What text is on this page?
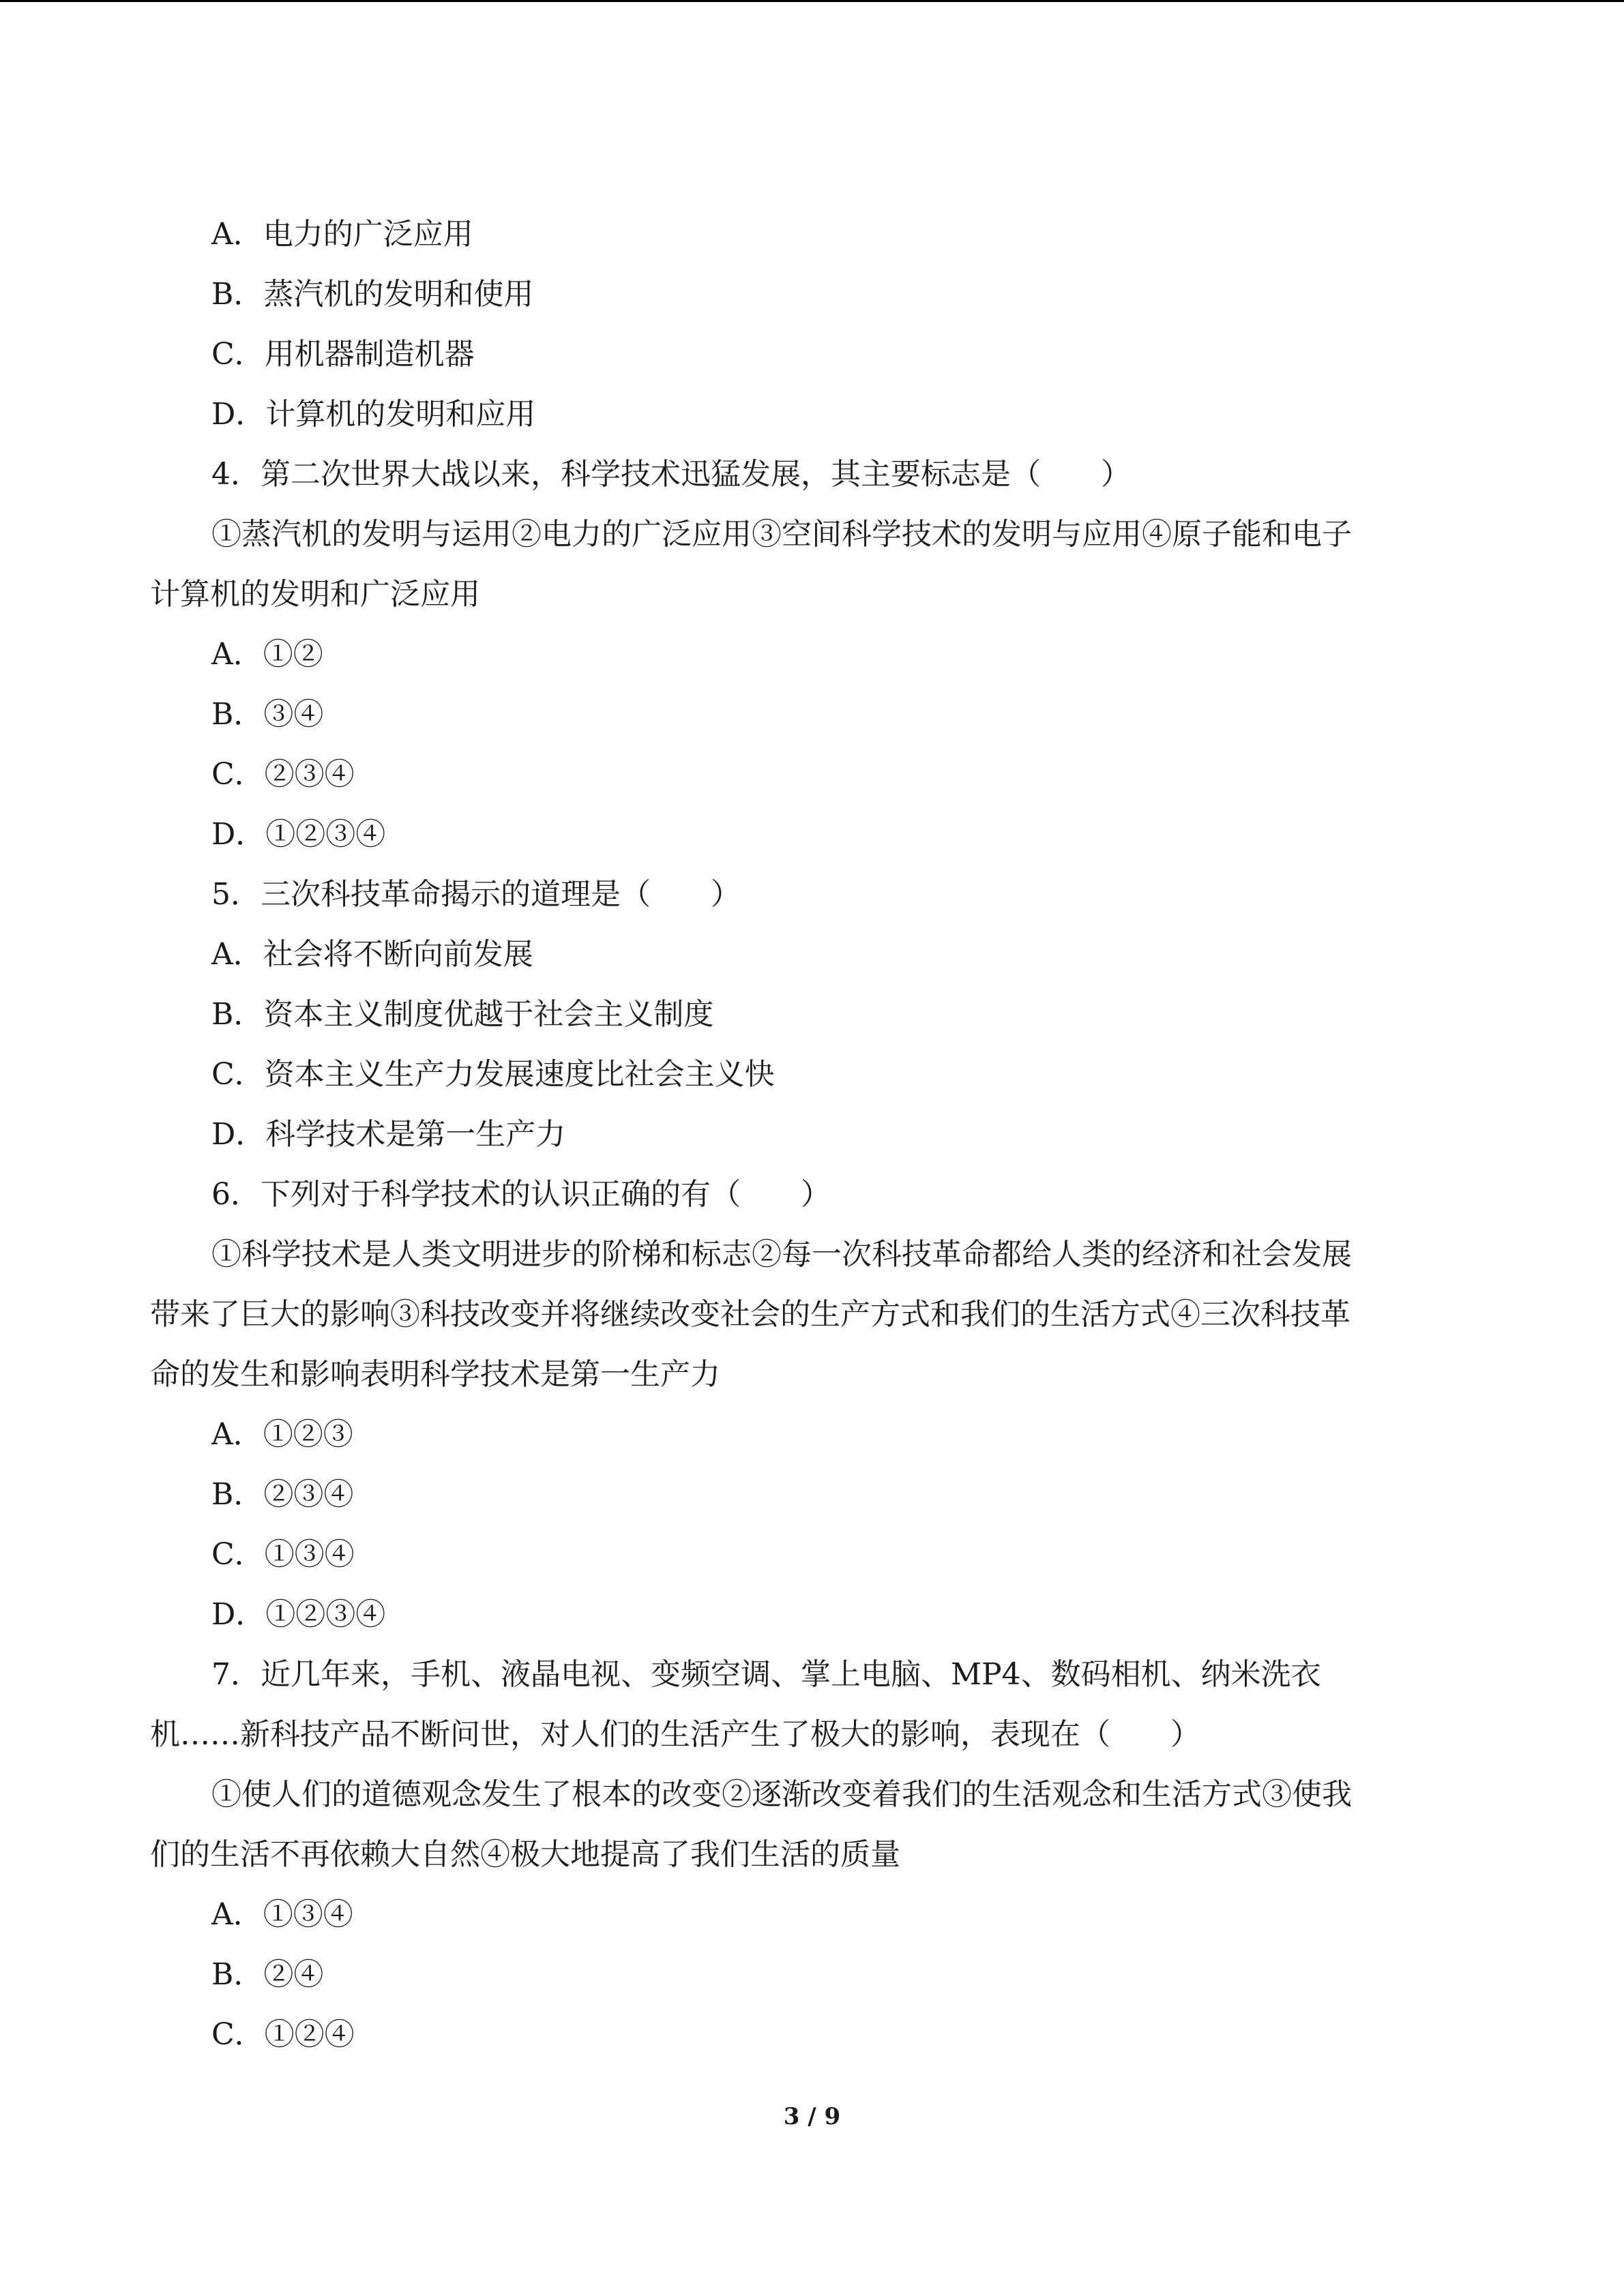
A．电力的广泛应用
B．蒸汽机的发明和使用
C．用机器制造机器
D．计算机的发明和应用
4．第二次世界大战以来，科学技术迅猛发展，其主要标志是（　　）
①蒸汽机的发明与运用②电力的广泛应用③空间科学技术的发明与应用④原子能和电子
计算机的发明和广泛应用
A．①②
B．③④
C．②③④
D．①②③④
5．三次科技革命揭示的道理是（　　）
A．社会将不断向前发展
B．资本主义制度优越于社会主义制度
C．资本主义生产力发展速度比社会主义快
D．科学技术是第一生产力
6．下列对于科学技术的认识正确的有（　　）
①科学技术是人类文明进步的阶梯和标志②每一次科技革命都给人类的经济和社会发展
带来了巨大的影响③科技改变并将继续改变社会的生产方式和我们的生活方式④三次科技革
命的发生和影响表明科学技术是第一生产力
A．①②③
B．②③④
C．①③④
D．①②③④
7．近几年来，手机、液晶电视、变频空调、掌上电脑、MP4、数码相机、纳米洗衣
机……新科技产品不断问世，对人们的生活产生了极大的影响，表现在（　　）
①使人们的道德观念发生了根本的改变②逐渐改变着我们的生活观念和生活方式③使我
们的生活不再依赖大自然④极大地提高了我们生活的质量
A．①③④
B．②④
C．①②④
3 / 9
